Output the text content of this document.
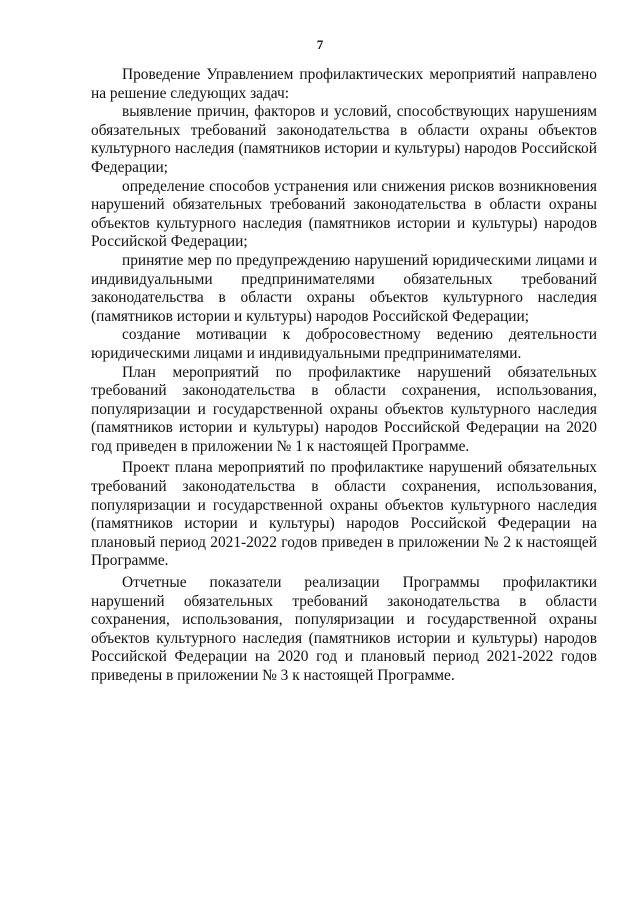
7

Проведение Управлением профилактических мероприятий направлено на решение следующих задач:

выявление причин, факторов и условий, способствующих нарушениям обязательных требований законодательства в области охраны объектов культурного наследия (памятников истории и культуры) народов Российской Федерации;

определение способов устранения или снижения рисков возникновения нарушений обязательных требований законодательства в области охраны объектов культурного наследия (памятников истории и культуры) народов Российской Федерации;

принятие мер по предупреждению нарушений юридическими лицами и индивидуальными предпринимателями обязательных требований законодательства в области охраны объектов культурного наследия (памятников истории и культуры) народов Российской Федерации;

создание мотивации к добросовестному ведению деятельности юридическими лицами и индивидуальными предпринимателями.

План мероприятий по профилактике нарушений обязательных требований законодательства в области сохранения, использования, популяризации и государственной охраны объектов культурного наследия (памятников истории и культуры) народов Российской Федерации на 2020 год приведен в приложении № 1 к настоящей Программе.

Проект плана мероприятий по профилактике нарушений обязательных требований законодательства в области сохранения, использования, популяризации и государственной охраны объектов культурного наследия (памятников истории и культуры) народов Российской Федерации на плановый период 2021-2022 годов приведен в приложении № 2 к настоящей Программе.

Отчетные показатели реализации Программы профилактики нарушений обязательных требований законодательства в области сохранения, использования, популяризации и государственной охраны объектов культурного наследия (памятников истории и культуры) народов Российской Федерации на 2020 год и плановый период 2021-2022 годов приведены в приложении № 3 к настоящей Программе.
